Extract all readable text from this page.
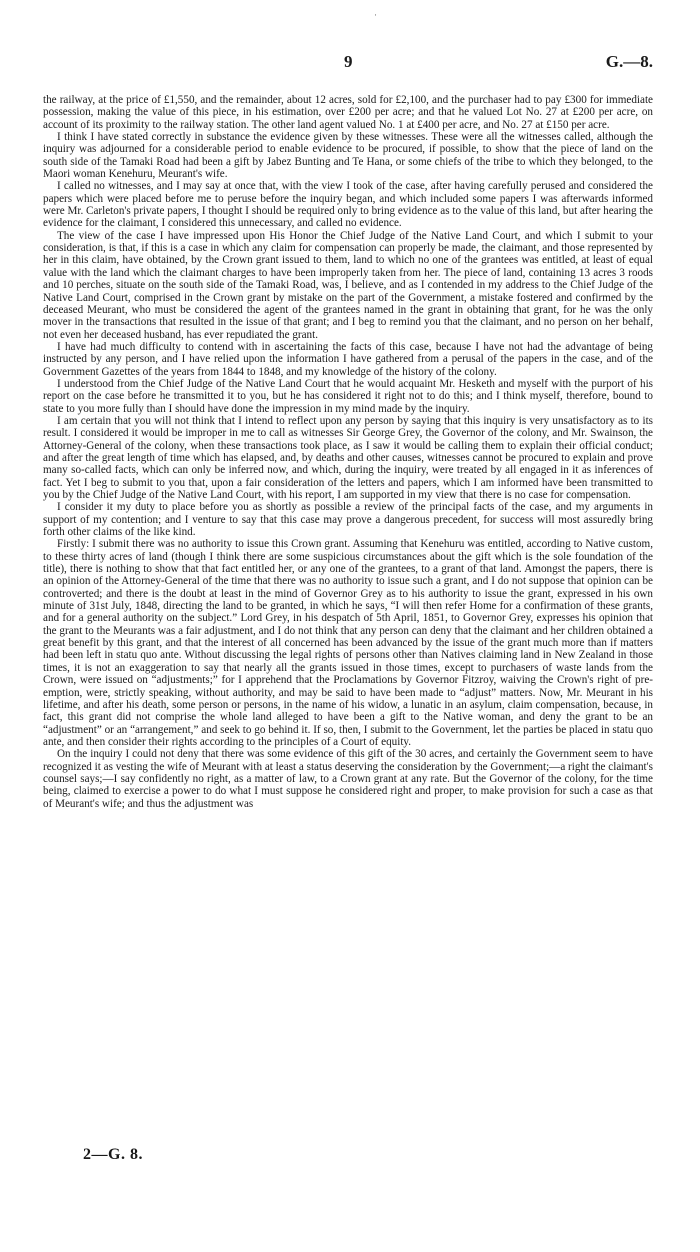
·
9	G.—8.

the railway, at the price of £1,550, and the remainder, about 12 acres, sold for £2,100, and the purchaser had to pay £300 for immediate possession, making the value of this piece, in his estimation, over £200 per acre; and that he valued Lot No. 27 at £200 per acre, on account of its proximity to the railway station. The other land agent valued No. 1 at £400 per acre, and No. 27 at £150 per acre.

I think I have stated correctly in substance the evidence given by these witnesses. These were all the witnesses called, although the inquiry was adjourned for a considerable period to enable evidence to be procured, if possible, to show that the piece of land on the south side of the Tamaki Road had been a gift by Jabez Bunting and Te Hana, or some chiefs of the tribe to which they belonged, to the Maori woman Kenehuru, Meurant's wife.

I called no witnesses, and I may say at once that, with the view I took of the case, after having carefully perused and considered the papers which were placed before me to peruse before the inquiry began, and which included some papers I was afterwards informed were Mr. Carleton's private papers, I thought I should be required only to bring evidence as to the value of this land, but after hearing the evidence for the claimant, I considered this unnecessary, and called no evidence.

The view of the case I have impressed upon His Honor the Chief Judge of the Native Land Court, and which I submit to your consideration, is that, if this is a case in which any claim for compensation can properly be made, the claimant, and those represented by her in this claim, have obtained, by the Crown grant issued to them, land to which no one of the grantees was entitled, at least of equal value with the land which the claimant charges to have been improperly taken from her. The piece of land, containing 13 acres 3 roods and 10 perches, situate on the south side of the Tamaki Road, was, I believe, and as I contended in my address to the Chief Judge of the Native Land Court, comprised in the Crown grant by mistake on the part of the Government, a mistake fostered and confirmed by the deceased Meurant, who must be considered the agent of the grantees named in the grant in obtaining that grant, for he was the only mover in the transactions that resulted in the issue of that grant; and I beg to remind you that the claimant, and no person on her behalf, not even her deceased husband, has ever repudiated the grant.

I have had much difficulty to contend with in ascertaining the facts of this case, because I have not had the advantage of being instructed by any person, and I have relied upon the information I have gathered from a perusal of the papers in the case, and of the Government Gazettes of the years from 1844 to 1848, and my knowledge of the history of the colony.

I understood from the Chief Judge of the Native Land Court that he would acquaint Mr. Hesketh and myself with the purport of his report on the case before he transmitted it to you, but he has considered it right not to do this; and I think myself, therefore, bound to state to you more fully than I should have done the impression in my mind made by the inquiry.

I am certain that you will not think that I intend to reflect upon any person by saying that this inquiry is very unsatisfactory as to its result. I considered it would be improper in me to call as witnesses Sir George Grey, the Governor of the colony, and Mr. Swainson, the Attorney-General of the colony, when these transactions took place, as I saw it would be calling them to explain their official conduct; and after the great length of time which has elapsed, and, by deaths and other causes, witnesses cannot be procured to explain and prove many so-called facts, which can only be inferred now, and which, during the inquiry, were treated by all engaged in it as inferences of fact. Yet I beg to submit to you that, upon a fair consideration of the letters and papers, which I am informed have been transmitted to you by the Chief Judge of the Native Land Court, with his report, I am supported in my view that there is no case for compensation.

I consider it my duty to place before you as shortly as possible a review of the principal facts of the case, and my arguments in support of my contention; and I venture to say that this case may prove a dangerous precedent, for success will most assuredly bring forth other claims of the like kind.

Firstly: I submit there was no authority to issue this Crown grant. Assuming that Kenehuru was entitled, according to Native custom, to these thirty acres of land (though I think there are some suspicious circumstances about the gift which is the sole foundation of the title), there is nothing to show that that fact entitled her, or any one of the grantees, to a grant of that land. Amongst the papers, there is an opinion of the Attorney-General of the time that there was no authority to issue such a grant, and I do not suppose that opinion can be controverted; and there is the doubt at least in the mind of Governor Grey as to his authority to issue the grant, expressed in his own minute of 31st July, 1848, directing the land to be granted, in which he says, “I will then refer Home for a confirmation of these grants, and for a general authority on the subject.” Lord Grey, in his despatch of 5th April, 1851, to Governor Grey, expresses his opinion that the grant to the Meurants was a fair adjustment, and I do not think that any person can deny that the claimant and her children obtained a great benefit by this grant, and that the interest of all concerned has been advanced by the issue of the grant much more than if matters had been left in statu quo ante. Without discussing the legal rights of persons other than Natives claiming land in New Zealand in those times, it is not an exaggeration to say that nearly all the grants issued in those times, except to purchasers of waste lands from the Crown, were issued on “adjustments;” for I apprehend that the Proclamations by Governor Fitzroy, waiving the Crown's right of pre-emption, were, strictly speaking, without authority, and may be said to have been made to “adjust” matters. Now, Mr. Meurant in his lifetime, and after his death, some person or persons, in the name of his widow, a lunatic in an asylum, claim compensation, because, in fact, this grant did not comprise the whole land alleged to have been a gift to the Native woman, and deny the grant to be an “adjustment” or an “arrangement,” and seek to go behind it. If so, then, I submit to the Government, let the parties be placed in statu quo ante, and then consider their rights according to the principles of a Court of equity.

On the inquiry I could not deny that there was some evidence of this gift of the 30 acres, and certainly the Government seem to have recognized it as vesting the wife of Meurant with at least a status deserving the consideration by the Government;—a right the claimant's counsel says;—I say confidently no right, as a matter of law, to a Crown grant at any rate. But the Governor of the colony, for the time being, claimed to exercise a power to do what I must suppose he considered right and proper, to make provision for such a case as that of Meurant's wife; and thus the adjustment was

2—G. 8.
